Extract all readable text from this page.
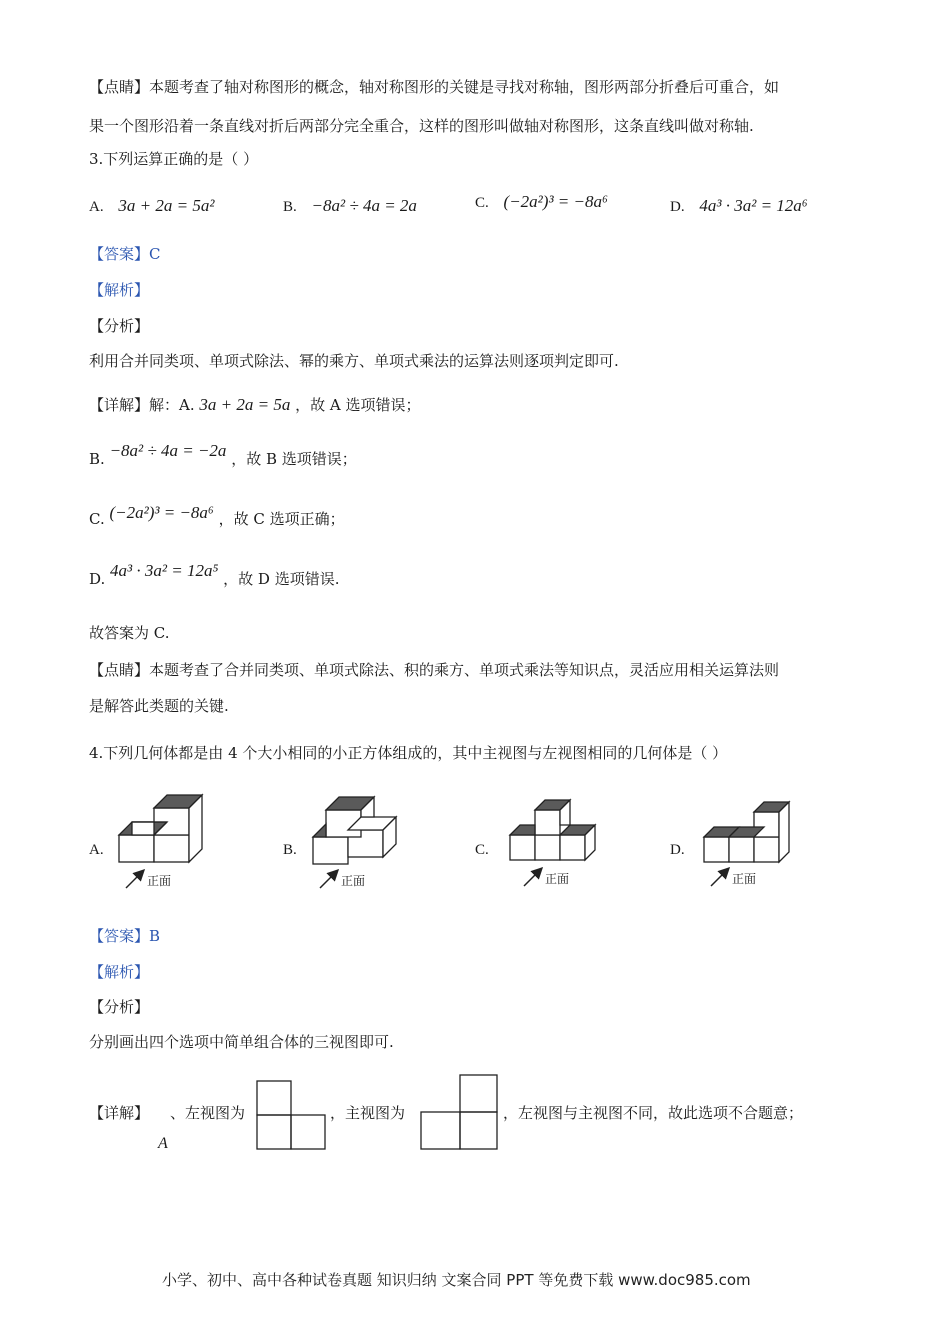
【点睛】本题考查了轴对称图形的概念，轴对称图形的关键是寻找对称轴，图形两部分折叠后可重合，如
果一个图形沿着一条直线对折后两部分完全重合，这样的图形叫做轴对称图形，这条直线叫做对称轴.
3.下列运算正确的是（ ）
A. 3a + 2a = 5a²	B. −8a² ÷ 4a = 2a	C. (−2a²)³ = −8a⁶	D. 4a³ · 3a² = 12a⁶
【答案】C
【解析】
【分析】
利用合并同类项、单项式除法、幂的乘方、单项式乘法的运算法则逐项判定即可.
【详解】解：A. 3a + 2a = 5a ，故 A 选项错误；
B. −8a² ÷ 4a = −2a ，故 B 选项错误；
C. (−2a²)³ = −8a⁶ ，故 C 选项正确；
D. 4a³ · 3a² = 12a⁵ ，故 D 选项错误.
故答案为 C.
【点睛】本题考查了合并同类项、单项式除法、积的乘方、单项式乘法等知识点，灵活应用相关运算法则
是解答此类题的关键.
4.下列几何体都是由 4 个大小相同的小正方体组成的，其中主视图与左视图相同的几何体是（ ）
A.	B.	C.	D.
正面	正面	正面	正面
【答案】B
【解析】
【分析】
分别画出四个选项中简单组合体的三视图即可.
【详解】
A
、左视图为	，主视图为	，左视图与主视图不同，故此选项不合题意；
小学、初中、高中各种试卷真题 知识归纳 文案合同 PPT 等免费下载 www.doc985.com
